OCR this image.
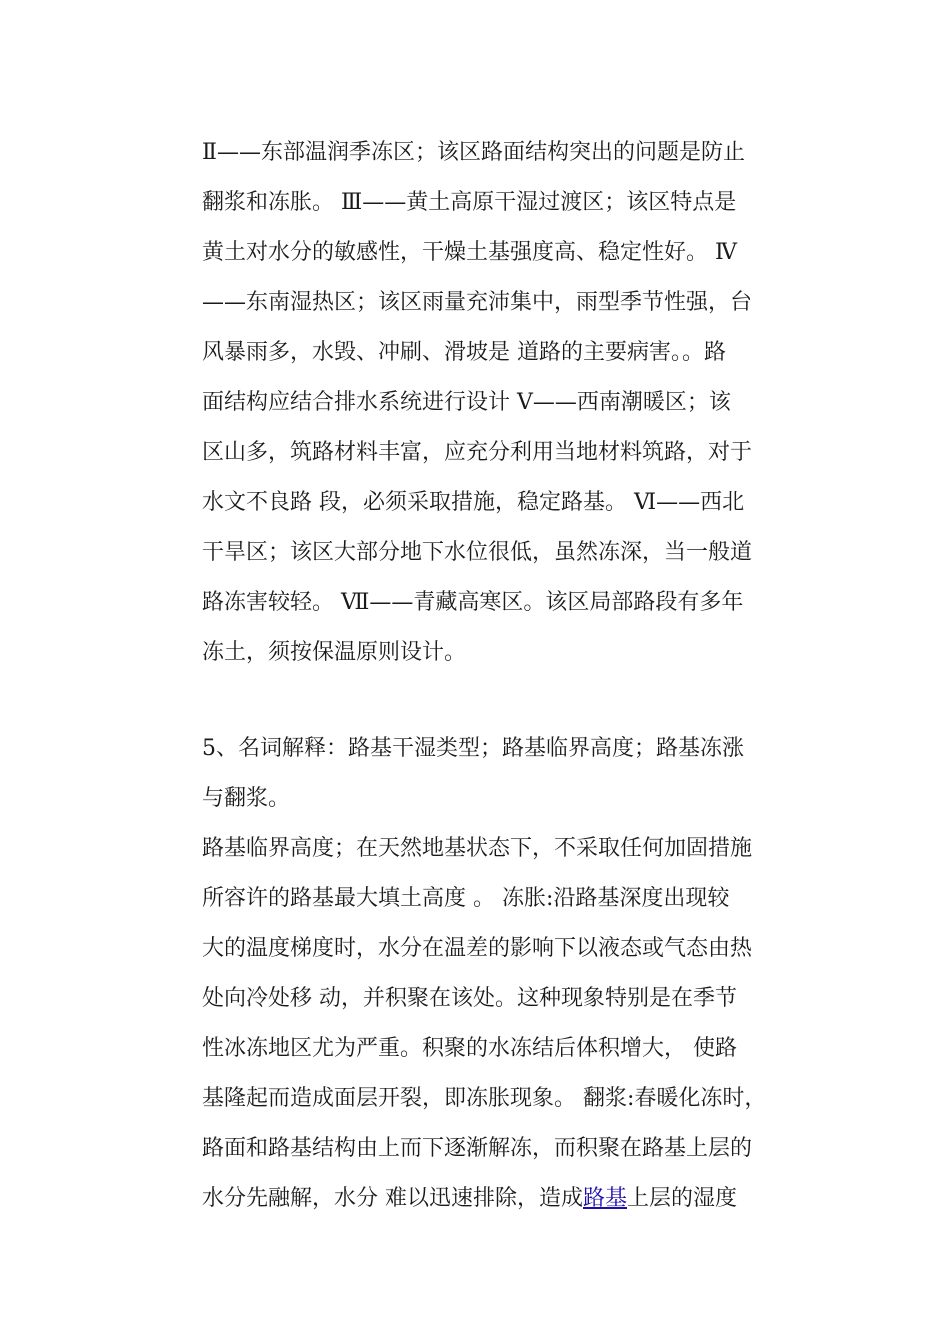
Ⅱ——东部温润季冻区；该区路面结构突出的问题是防止
翻浆和冻胀。 Ⅲ——黄土高原干湿过渡区；该区特点是
黄土对水分的敏感性，干燥土基强度高、稳定性好。 Ⅳ
——东南湿热区；该区雨量充沛集中，雨型季节性强，台
风暴雨多，水毁、冲刷、滑坡是 道路的主要病害。。路
面结构应结合排水系统进行设计 Ⅴ——西南潮暖区；该
区山多，筑路材料丰富，应充分利用当地材料筑路，对于
水文不良路 段，必须采取措施，稳定路基。 Ⅵ——西北
干旱区；该区大部分地下水位很低，虽然冻深，当一般道
路冻害较轻。 Ⅶ——青藏高寒区。该区局部路段有多年
冻土，须按保温原则设计。
5、名词解释：路基干湿类型；路基临界高度；路基冻涨
与翻浆。
路基临界高度；在天然地基状态下，不采取任何加固措施
所容许的路基最大填土高度 。 冻胀:沿路基深度出现较
大的温度梯度时，水分在温差的影响下以液态或气态由热
处向冷处移 动，并积聚在该处。这种现象特别是在季节
性冰冻地区尤为严重。积聚的水冻结后体积增大， 使路
基隆起而造成面层开裂，即冻胀现象。 翻浆:春暖化冻时，
路面和路基结构由上而下逐渐解冻，而积聚在路基上层的
水分先融解，水分 难以迅速排除，造成路基上层的湿度
